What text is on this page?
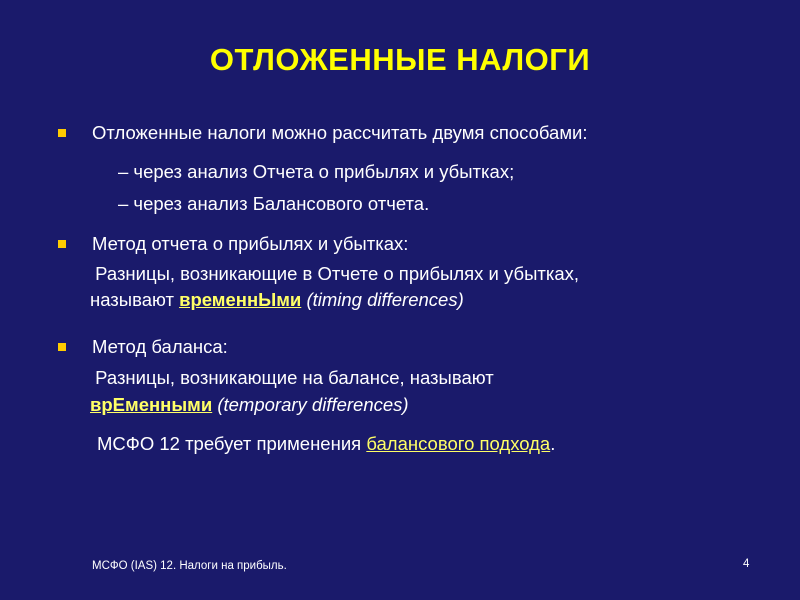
ОТЛОЖЕННЫЕ НАЛОГИ
Отложенные налоги можно рассчитать двумя способами:
– через анализ Отчета о прибылях и убытках;
– через анализ Балансового отчета.
Метод отчета о прибылях и убытках:
Разницы, возникающие в Отчете о прибылях и убытках,
называют временнЫми (timing differences)
Метод баланса:
Разницы, возникающие на балансе, называют
врЕменными (temporary differences)
МСФО 12 требует применения балансового подхода.
МСФО (IAS) 12. Налоги на прибыль.	4
